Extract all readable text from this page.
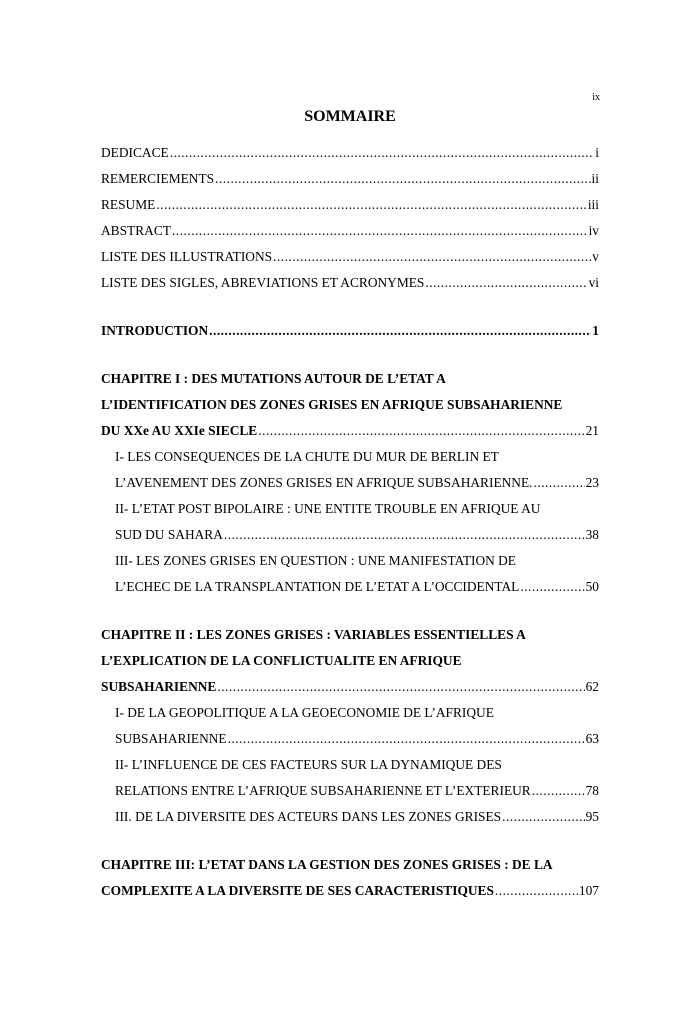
ix
SOMMAIRE
DEDICACE .....	i
REMERCIEMENTS .....	ii
RESUME .....	iii
ABSTRACT .....	iv
LISTE DES ILLUSTRATIONS .....	v
LISTE DES SIGLES, ABREVIATIONS ET ACRONYMES .....	vi
INTRODUCTION .....	1
CHAPITRE I : DES MUTATIONS AUTOUR DE L’ETAT A
L’IDENTIFICATION DES ZONES GRISES EN AFRIQUE SUBSAHARIENNE
DU XXe AU XXIe SIECLE .....	21
I- LES CONSEQUENCES DE LA CHUTE DU MUR DE BERLIN ET
L’AVENEMENT DES ZONES GRISES EN AFRIQUE SUBSAHARIENNE. .....	23
II- L’ETAT POST BIPOLAIRE : UNE ENTITE TROUBLE EN AFRIQUE AU
SUD DU SAHARA .....	38
III- LES ZONES GRISES EN QUESTION : UNE MANIFESTATION DE
L’ECHEC DE LA TRANSPLANTATION DE L’ETAT A L’OCCIDENTAL .....	50
CHAPITRE II : LES ZONES GRISES : VARIABLES ESSENTIELLES A
L’EXPLICATION DE LA CONFLICTUALITE EN AFRIQUE
SUBSAHARIENNE .....	62
I- DE LA GEOPOLITIQUE A LA GEOECONOMIE DE L’AFRIQUE
SUBSAHARIENNE .....	63
II- L’INFLUENCE DE CES FACTEURS SUR LA DYNAMIQUE DES
RELATIONS ENTRE L’AFRIQUE SUBSAHARIENNE ET L’EXTERIEUR .....	78
III. DE LA DIVERSITE DES ACTEURS DANS LES ZONES GRISES .....	95
CHAPITRE III: L’ETAT DANS LA GESTION DES ZONES GRISES : DE LA
COMPLEXITE A LA DIVERSITE DE SES CARACTERISTIQUES .....	107
